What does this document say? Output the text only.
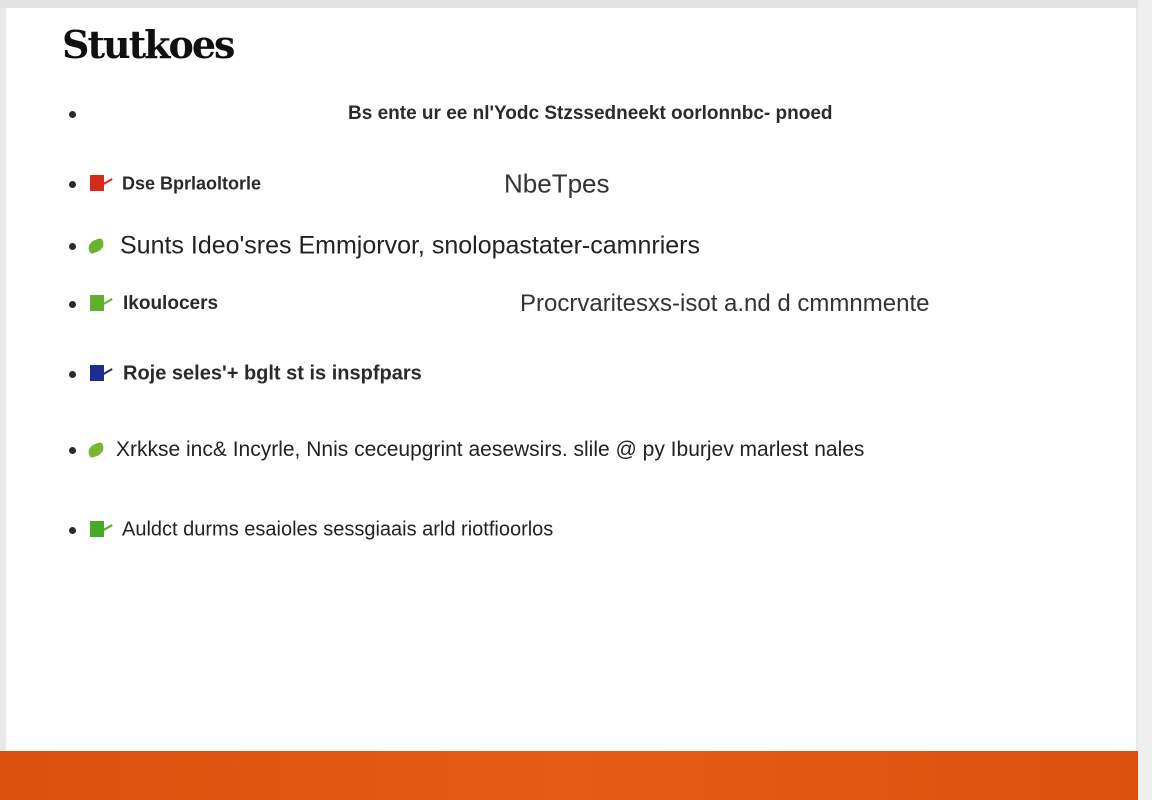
Stutkoes
Bs ente ur ee nl'Yodc Stzssedneekt oorlonnbc- pnoed
Dse Bprlaoltorle	NbeTpes
Sunts Ideo'sres Emmjorvor, snolopastater-camnriers
Ikoulocers	Procrvaritesxs-isot a.nd d cmmnmente
Roje seles'+ bglt st is inspfpars
Xrkkse inc& Incyrle, Nnis ceceupgrint aesewsirs. slile @ py Iburjev marlest nales
Auldct durms esaioles sessgiaais arld riotfioorlos
